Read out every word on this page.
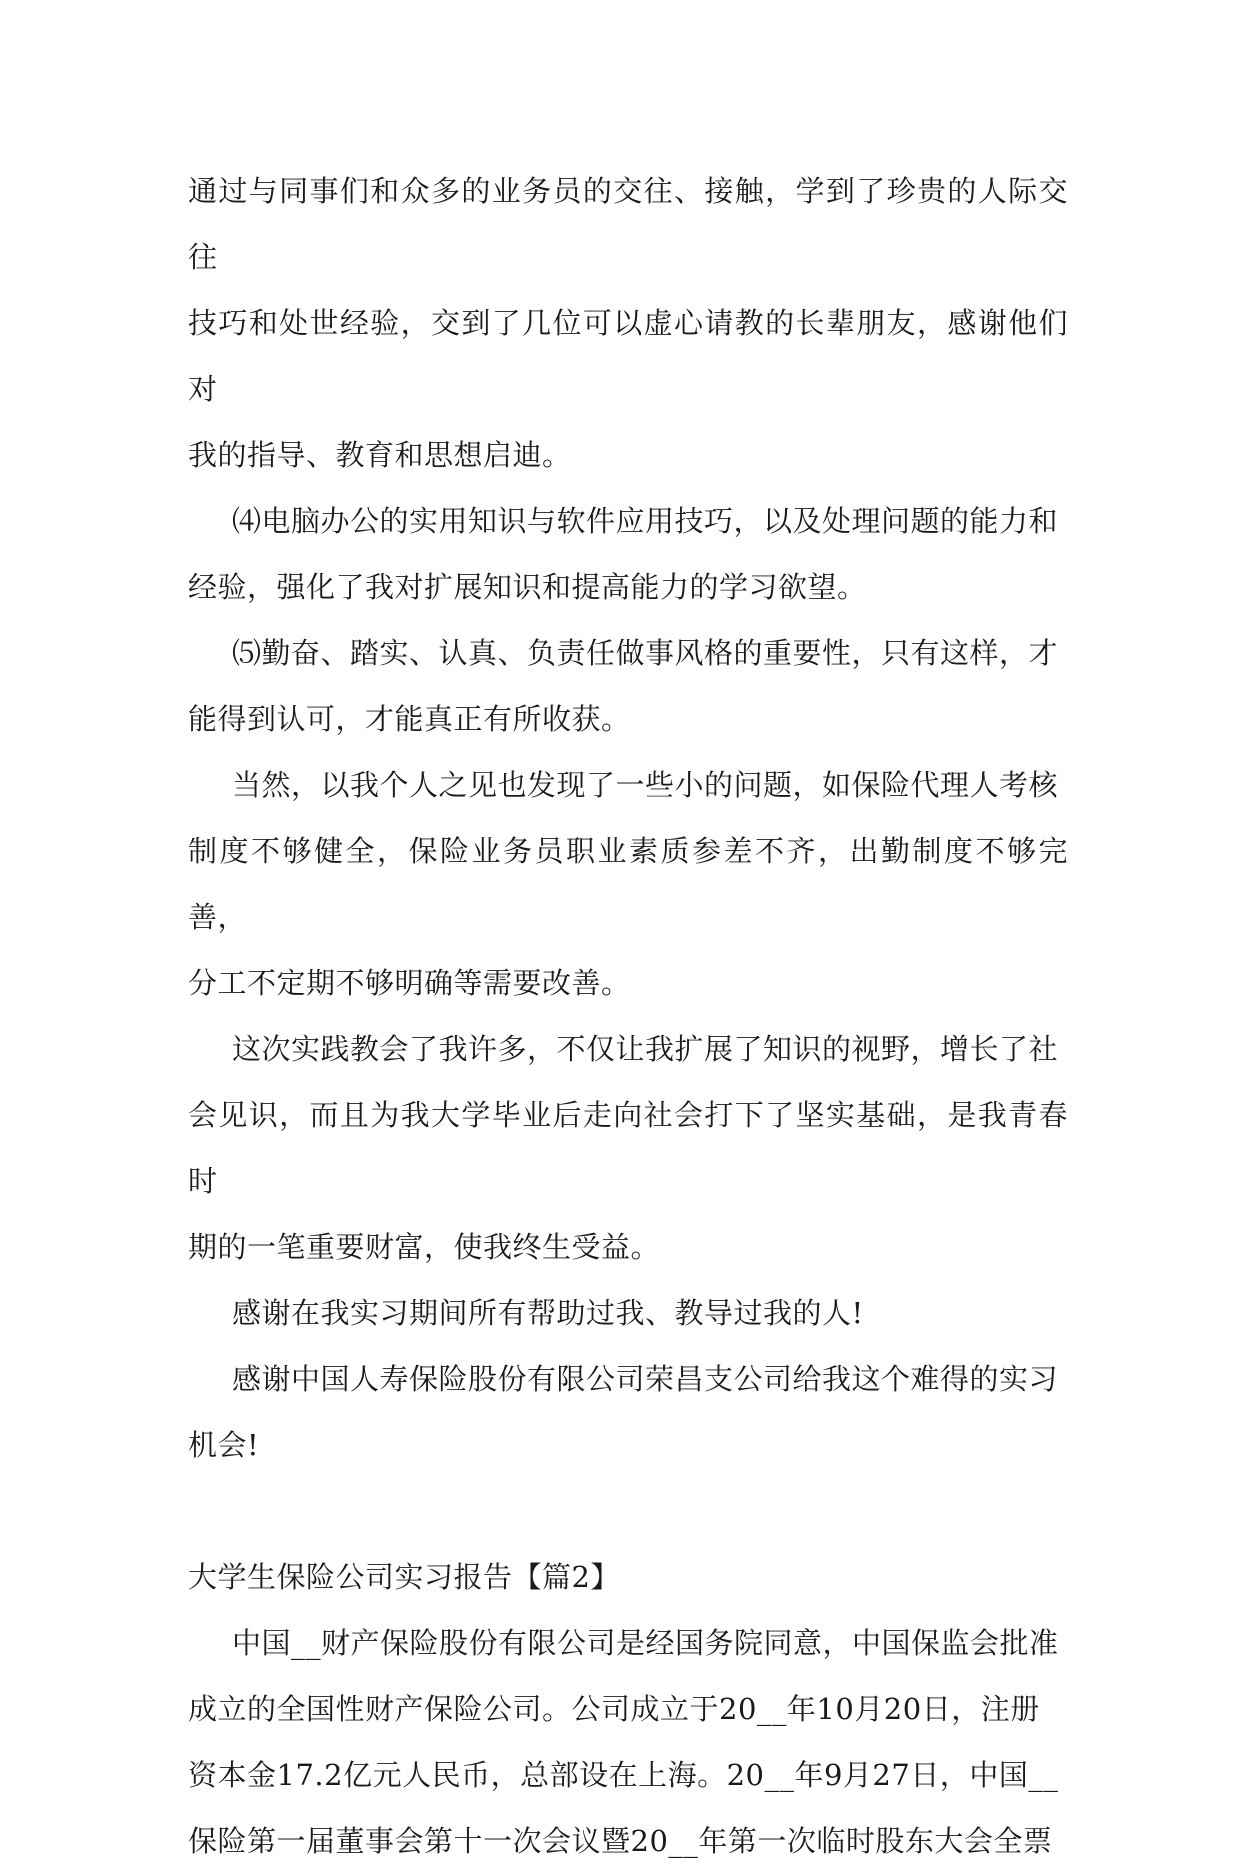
通过与同事们和众多的业务员的交往、接触，学到了珍贵的人际交往
技巧和处世经验，交到了几位可以虚心请教的长辈朋友，感谢他们对
我的指导、教育和思想启迪。
⑷电脑办公的实用知识与软件应用技巧，以及处理问题的能力和
经验，强化了我对扩展知识和提高能力的学习欲望。
⑸勤奋、踏实、认真、负责任做事风格的重要性，只有这样，才
能得到认可，才能真正有所收获。
当然，以我个人之见也发现了一些小的问题，如保险代理人考核
制度不够健全，保险业务员职业素质参差不齐，出勤制度不够完善，
分工不定期不够明确等需要改善。
这次实践教会了我许多，不仅让我扩展了知识的视野，增长了社
会见识，而且为我大学毕业后走向社会打下了坚实基础，是我青春时
期的一笔重要财富，使我终生受益。
感谢在我实习期间所有帮助过我、教导过我的人!
感谢中国人寿保险股份有限公司荣昌支公司给我这个难得的实习
机会!
大学生保险公司实习报告【篇2】
中国__财产保险股份有限公司是经国务院同意，中国保监会批准
成立的全国性财产保险公司。公司成立于20__年10月20日，注册
资本金17.2亿元人民币，总部设在上海。20__年9月27日，中国__
保险第一届董事会第十一次会议暨20__年第一次临时股东大会全票
